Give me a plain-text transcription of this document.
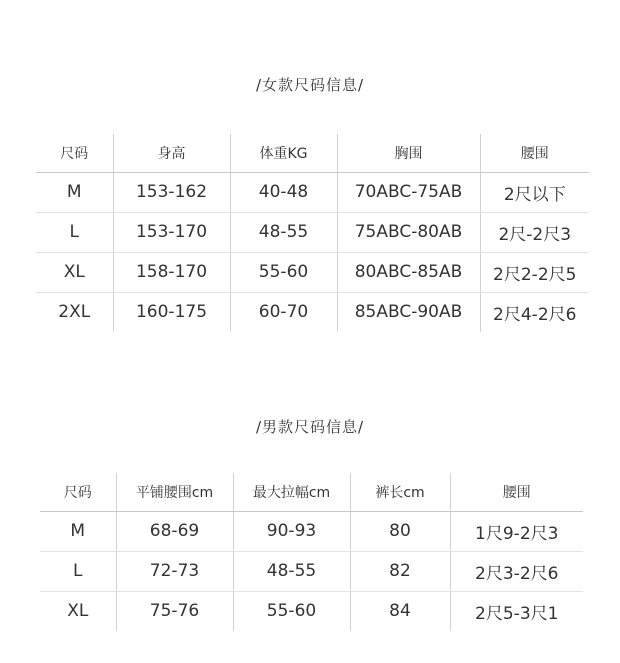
/女款尺码信息/
尺码	身高	体重KG	胸围	腰围
M	153-162	40-48	70ABC-75AB	2尺以下
L	153-170	48-55	75ABC-80AB	2尺-2尺3
XL	158-170	55-60	80ABC-85AB	2尺2-2尺5
2XL	160-175	60-70	85ABC-90AB	2尺4-2尺6
/男款尺码信息/
尺码	平铺腰围cm	最大拉幅cm	裤长cm	腰围
M	68-69	90-93	80	1尺9-2尺3
L	72-73	48-55	82	2尺3-2尺6
XL	75-76	55-60	84	2尺5-3尺1
